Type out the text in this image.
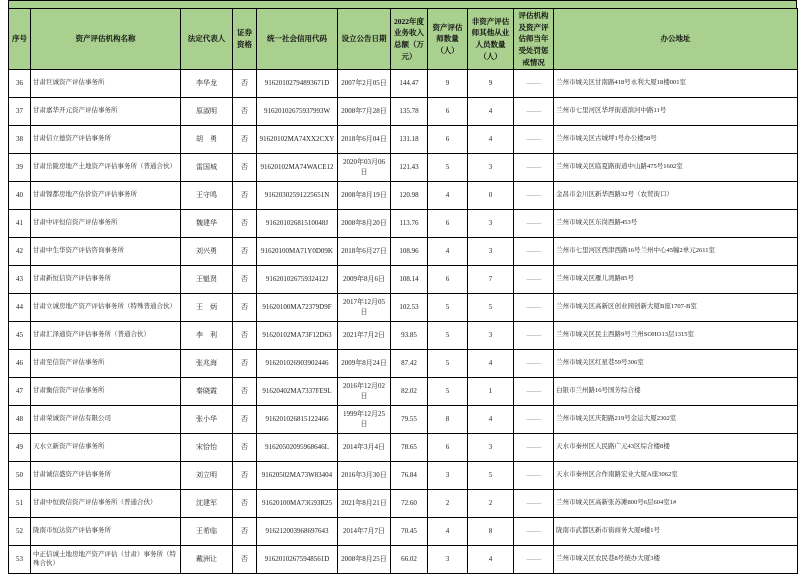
序号	资产评估机构名称	法定代表人	证券资格	统一社会信用代码	设立公告日期	2022年度业务收入总额（万元）	资产评估师数量（人）	非资产评估师其他从业人员数量（人）	评估机构及资产评估师当年受处罚惩戒情况	办公地址
36	甘肃巨诚资产评估事务所	李华龙	否	91620102794893671D	2007年2月05日	144.47	9	9	——	兰州市城关区甘南路418号永利大厦18楼001室
37	甘肃嘉华开元资产评估事务所	原淑明	否	91620102675937993W	2008年7月28日	135.78	6	4	——	兰州市七里河区华坪街道滨河中路11号
38	甘肃信立德资产评估事务所	胡　勇	否	91620102MA74XX2CXY	2018年6月04日	131.18	6	4	——	兰州市城关区古城坪1号办公楼58号
39	甘肃岳陇房地产土地资产评估事务所（普通合伙）	雷国城	否	91620102MA74WACE12	2020年03月06日	121.43	5	3	——	兰州市城关区临夏路街道中山路475号1602室
40	甘肃镍都房地产估价资产评估事务所	王守鸣	否	91620302591225651N	2008年8月19日	120.98	4	0	——	金昌市金川区新华西路32号（农贸街口）
41	甘肃中评恒信资产评估事务所	魏建华	否	91620102681510048J	2008年8月20日	113.76	6	3	——	兰州市城关区东岗西路453号
42	甘肃中生华资产评估咨询事务所	刘兴勇	否	91620100MA71Y0D09K	2018年6月27日	108.96	4	3	——	兰州市七里河区西津西路16号兰州中心45幢2单元2611室
43	甘肃新恒信资产评估事务所	王魁贤	否	91620102675932412J	2009年8月6日	108.14	6	7	——	兰州市城关区雁儿湾路85号
44	甘肃立诚房地产资产评估事务所（特殊普通合伙）	王　炳	否	91620100MA72379D9F	2017年12月05日	102.53	5	5	——	兰州市城关区高新区创业园创新大厦B座1707-B室
45	甘肃汇泽通资产评估事务所（普通合伙）	李　利	否	91620102MA73F12D63	2021年7月2日	93.85	5	3	——	兰州市城关区民主西路9号兰州SOHO13层1315室
46	甘肃至信资产评估事务所	张兆海	否	916201026903902446	2009年8月24日	87.42	5	4	——	兰州市城关区红星巷59号306室
47	甘肃衡信资产评估事务所	秦晓霞	否	91620402MA7337FE9L	2016年12月02日	82.02	5	1	——	白银市兰州路16号国芳综合楼
48	甘肃荣诚资产评估有限公司	张小华	否	916201026815122466	1999年12月25日	79.55	8	4	——	兰州市城关区庆阳路219号金运大厦2302室
49	天水立新资产评估事务所	宋恰怡	否	91620502095968646L	2014年3月4日	78.65	6	3	——	天水市秦州区人民路广元43区综合楼8楼
50	甘肃诚信盛资产评估事务所	刘立明	否	91620502MA73W83404	2016年3月30日	76.84	3	5	——	天水市秦州区合作南路宏业大厦A座3062室
51	甘肃中恒致信资产评估事务所（普通合伙）	沈建军	否	91620100MA73G93R25	2021年8月21日	72.60	2	2	——	兰州市城关区高新张苏滩800号6层604室1#
52	陇南市恒达资产评估事务所	王希临	否	916212003968697643	2014年7月7日	70.45	4	8	——	陇南市武都区新市街商务大厦8楼1号
53	中正信诚土地房地产资产评估（甘肃）事务所（特殊合伙）	戴洲让	否	91620102675948561D	2008年8月25日	66.02	3	4	——	兰州市城关区农民巷8号统办大厦3楼
